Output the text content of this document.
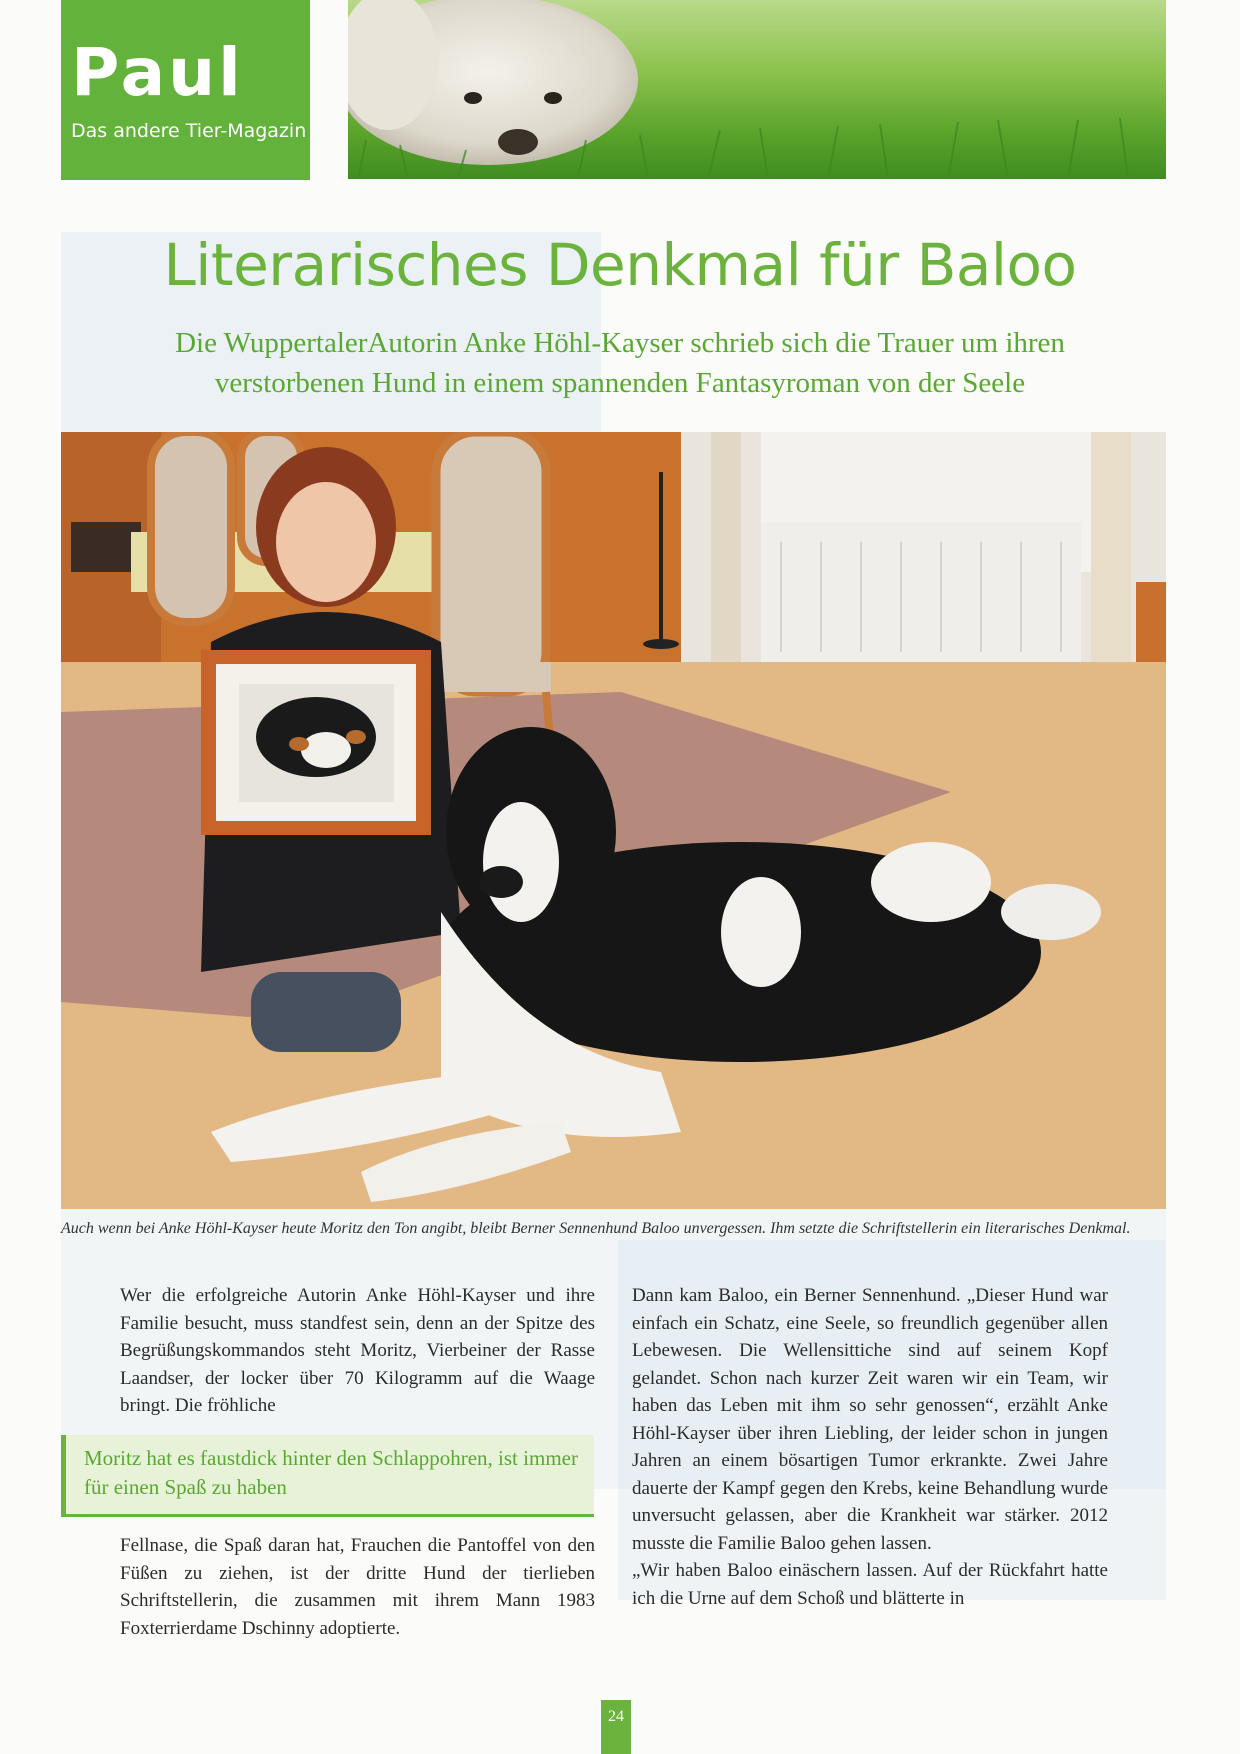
Paul
Das andere Tier-Magazin
Literarisches Denkmal für Baloo
Die WuppertalerAutorin Anke Höhl-Kayser schrieb sich die Trauer um ihren
verstorbenen Hund in einem spannenden Fantasyroman von der Seele
Auch wenn bei Anke Höhl-Kayser heute Moritz den Ton angibt, bleibt Berner Sennenhund Baloo unvergessen. Ihm setzte die Schriftstellerin ein literarisches Denkmal.

Wer die erfolgreiche Autorin Anke Höhl-Kayser und ihre Familie besucht, muss standfest sein, denn an der Spitze des Begrüßungskommandos steht Moritz, Vierbeiner der Rasse Laandser, der locker über 70 Kilogramm auf die Waage bringt. Die fröhliche

Moritz hat es faustdick hinter den Schlappohren, ist immer für einen Spaß zu haben

Fellnase, die Spaß daran hat, Frauchen die Pantoffel von den Füßen zu ziehen, ist der dritte Hund der tierlieben Schriftstellerin, die zusammen mit ihrem Mann 1983 Foxterrierdame Dschinny adoptierte.

Dann kam Baloo, ein Berner Sennenhund. „Dieser Hund war einfach ein Schatz, eine Seele, so freundlich gegenüber allen Lebewesen. Die Wellensittiche sind auf seinem Kopf gelandet. Schon nach kurzer Zeit waren wir ein Team, wir haben das Leben mit ihm so sehr genossen“, erzählt Anke Höhl-Kayser über ihren Liebling, der leider schon in jungen Jahren an einem bösartigen Tumor erkrankte. Zwei Jahre dauerte der Kampf gegen den Krebs, keine Behandlung wurde unversucht gelassen, aber die Krankheit war stärker. 2012 musste die Familie Baloo gehen lassen.

„Wir haben Baloo einäschern lassen. Auf der Rückfahrt hatte ich die Urne auf dem Schoß und blätterte in

24
